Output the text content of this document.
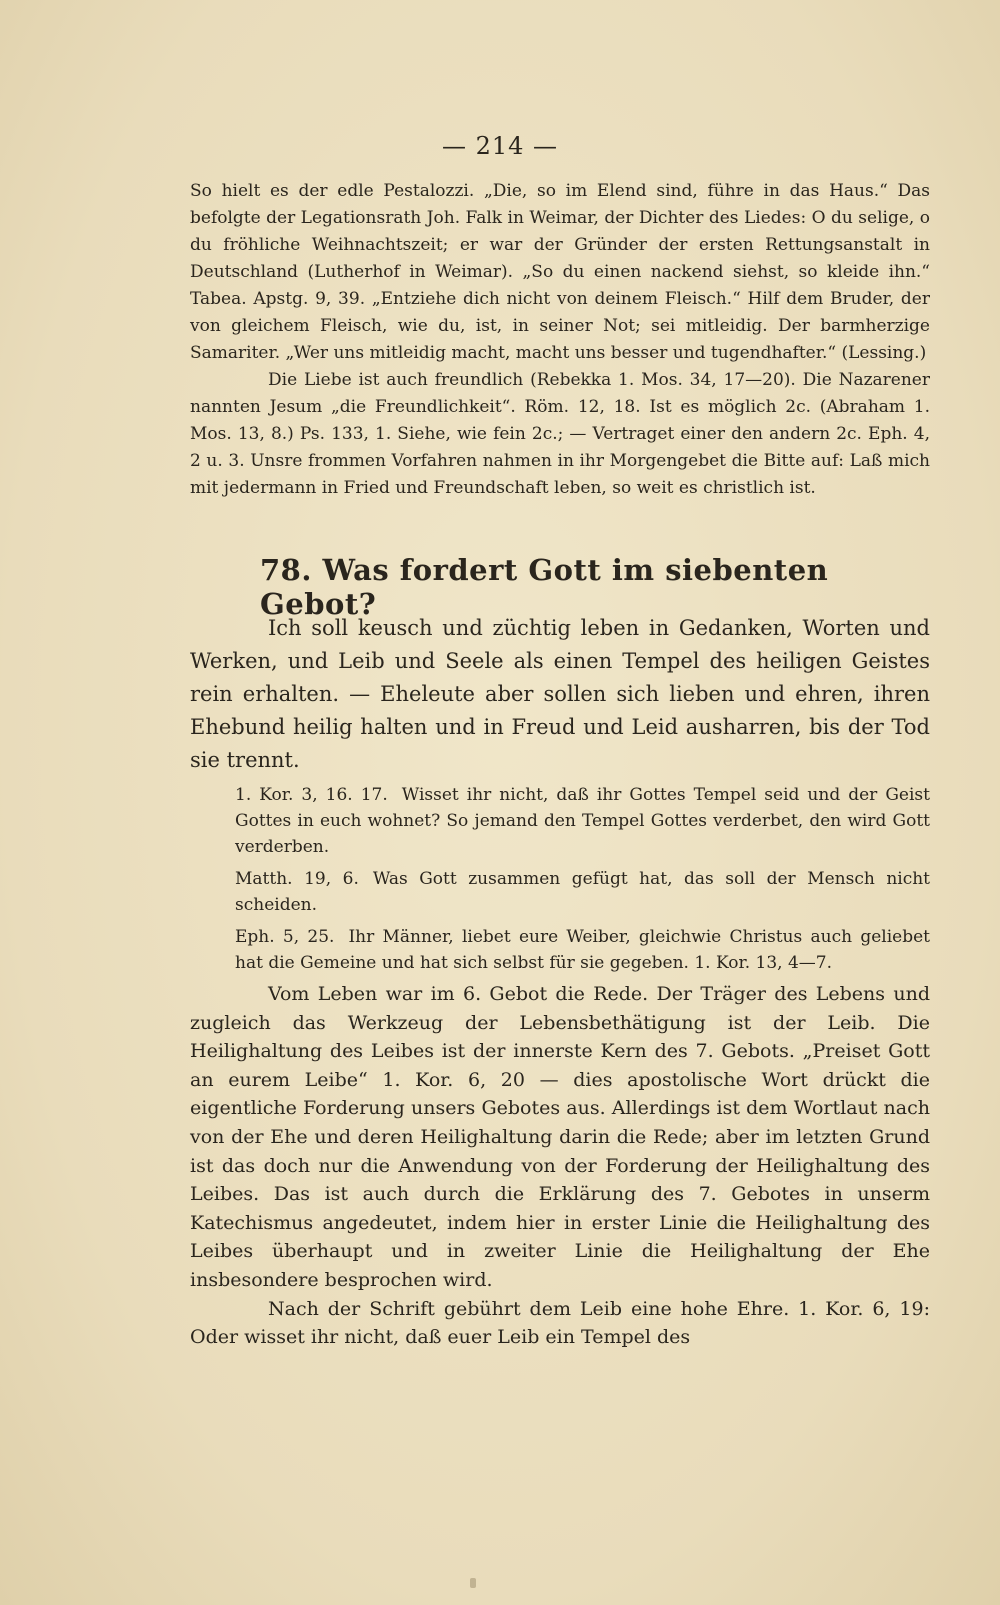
— 214 —

So hielt es der edle Pestalozzi. „Die, so im Elend sind, führe in das Haus.“ Das befolgte der Legationsrath Joh. Falk in Weimar, der Dichter des Liedes: O du selige, o du fröhliche Weihnachtszeit; er war der Gründer der ersten Rettungsanstalt in Deutschland (Lutherhof in Weimar). „So du einen nackend siehst, so kleide ihn.“ Tabea. Apstg. 9, 39. „Entziehe dich nicht von deinem Fleisch.“ Hilf dem Bruder, der von gleichem Fleisch, wie du, ist, in seiner Not; sei mitleidig. Der barmherzige Samariter. „Wer uns mitleidig macht, macht uns besser und tugendhafter.“ (Lessing.)

Die Liebe ist auch freundlich (Rebekka 1. Mos. 34, 17—20). Die Nazarener nannten Jesum „die Freundlichkeit“. Röm. 12, 18. Ist es möglich 2c. (Abraham 1. Mos. 13, 8.) Ps. 133, 1. Siehe, wie fein 2c.; — Vertraget einer den andern 2c. Eph. 4, 2 u. 3. Unsre frommen Vorfahren nahmen in ihr Morgengebet die Bitte auf: Laß mich mit jedermann in Fried und Freundschaft leben, so weit es christlich ist.

78. Was fordert Gott im siebenten Gebot?

Ich soll keusch und züchtig leben in Gedanken, Worten und Werken, und Leib und Seele als einen Tempel des heiligen Geistes rein erhalten. — Eheleute aber sollen sich lieben und ehren, ihren Ehebund heilig halten und in Freud und Leid ausharren, bis der Tod sie trennt.

1. Kor. 3, 16. 17. Wisset ihr nicht, daß ihr Gottes Tempel seid und der Geist Gottes in euch wohnet? So jemand den Tempel Gottes verderbet, den wird Gott verderben.
Matth. 19, 6. Was Gott zusammen gefügt hat, das soll der Mensch nicht scheiden.
Eph. 5, 25. Ihr Männer, liebet eure Weiber, gleichwie Christus auch geliebet hat die Gemeine und hat sich selbst für sie gegeben. 1. Kor. 13, 4—7.

Vom Leben war im 6. Gebot die Rede. Der Träger des Lebens und zugleich das Werkzeug der Lebensbethätigung ist der Leib. Die Heilighaltung des Leibes ist der innerste Kern des 7. Gebots. „Preiset Gott an eurem Leibe“ 1. Kor. 6, 20 — dies apostolische Wort drückt die eigentliche Forderung unsers Gebotes aus. Allerdings ist dem Wortlaut nach von der Ehe und deren Heilighaltung darin die Rede; aber im letzten Grund ist das doch nur die Anwendung von der Forderung der Heilighaltung des Leibes. Das ist auch durch die Erklärung des 7. Gebotes in unserm Katechismus angedeutet, indem hier in erster Linie die Heilighaltung des Leibes überhaupt und in zweiter Linie die Heilighaltung der Ehe insbesondere besprochen wird.

Nach der Schrift gebührt dem Leib eine hohe Ehre. 1. Kor. 6, 19: Oder wisset ihr nicht, daß euer Leib ein Tempel des
